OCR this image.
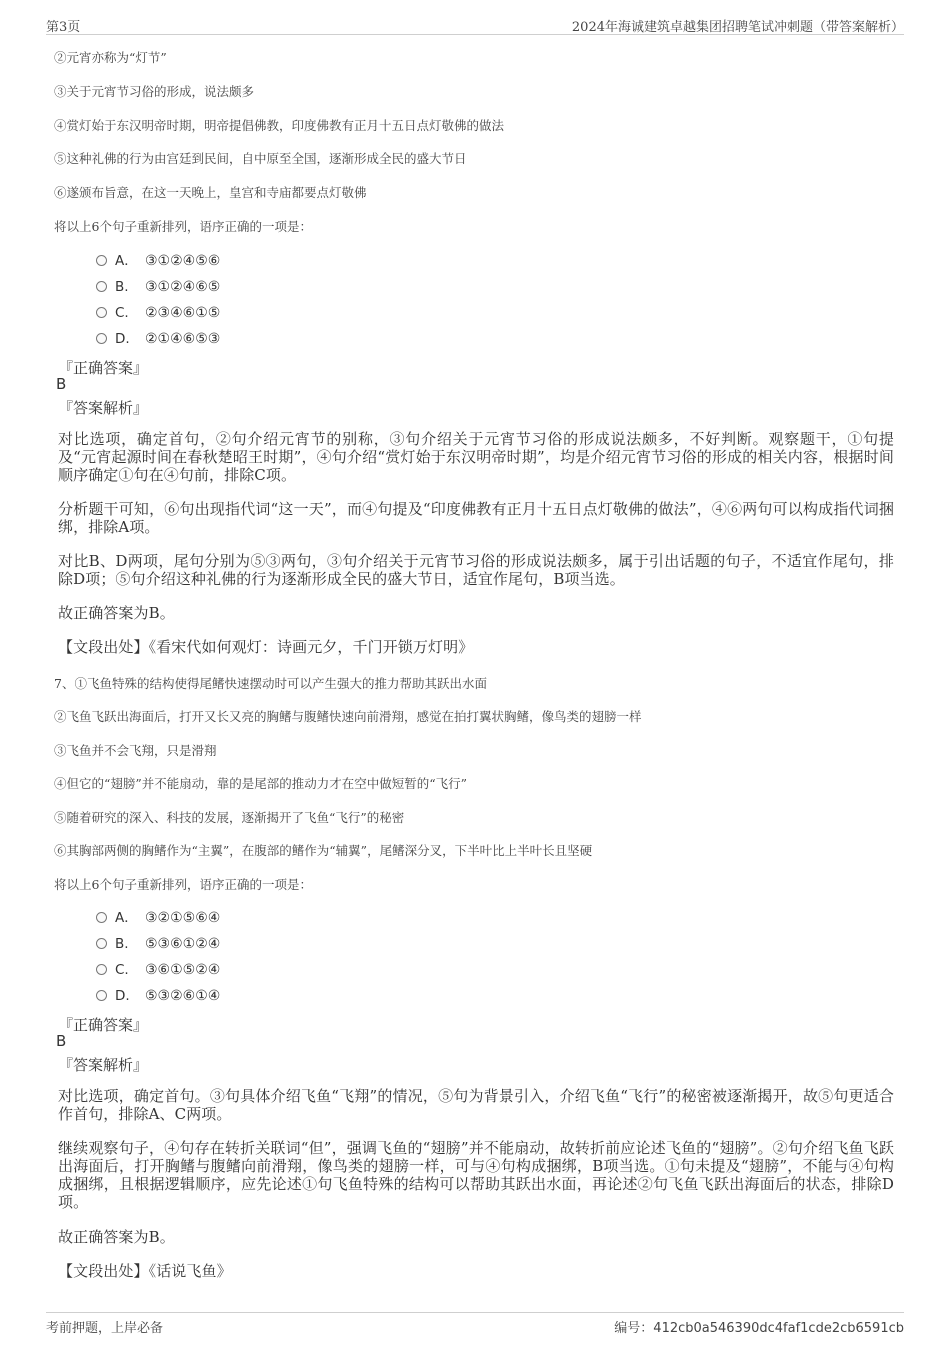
第3页	2024年海诚建筑卓越集团招聘笔试冲刺题（带答案解析）
②元宵亦称为“灯节”
③关于元宵节习俗的形成，说法颇多
④赏灯始于东汉明帝时期，明帝提倡佛教，印度佛教有正月十五日点灯敬佛的做法
⑤这种礼佛的行为由宫廷到民间，自中原至全国，逐渐形成全民的盛大节日
⑥遂颁布旨意，在这一天晚上，皇宫和寺庙都要点灯敬佛
将以上6个句子重新排列，语序正确的一项是：
A． ③①②④⑤⑥
B. ③①②④⑥⑤
C. ②③④⑥①⑤
D. ②①④⑥⑤③
『正确答案』
B
『答案解析』
对比选项，确定首句，②句介绍元宵节的别称，③句介绍关于元宵节习俗的形成说法颇多，不好判断。观察题干，①句提及“元宵起源时间在春秋楚昭王时期”，④句介绍“赏灯始于东汉明帝时期”，均是介绍元宵节习俗的形成的相关内容，根据时间顺序确定①句在④句前，排除C项。
分析题干可知，⑥句出现指代词“这一天”，而④句提及“印度佛教有正月十五日点灯敬佛的做法”，④⑥两句可以构成指代词捆绑，排除A项。
对比B、D两项，尾句分别为⑤③两句，③句介绍关于元宵节习俗的形成说法颇多，属于引出话题的句子，不适宜作尾句，排除D项；⑤句介绍这种礼佛的行为逐渐形成全民的盛大节日，适宜作尾句，B项当选。
故正确答案为B。
【文段出处】《看宋代如何观灯：诗画元夕，千门开锁万灯明》
7、①飞鱼特殊的结构使得尾鳍快速摆动时可以产生强大的推力帮助其跃出水面
②飞鱼飞跃出海面后，打开又长又亮的胸鳍与腹鳍快速向前滑翔，感觉在拍打翼状胸鳍，像鸟类的翅膀一样
③飞鱼并不会飞翔，只是滑翔
④但它的“翅膀”并不能扇动，靠的是尾部的推动力才在空中做短暂的“飞行”
⑤随着研究的深入、科技的发展，逐渐揭开了飞鱼“飞行”的秘密
⑥其胸部两侧的胸鳍作为“主翼”，在腹部的鳍作为“辅翼”，尾鳍深分叉，下半叶比上半叶长且坚硬
将以上6个句子重新排列，语序正确的一项是：
A． ③②①⑤⑥④
B. ⑤③⑥①②④
C. ③⑥①⑤②④
D. ⑤③②⑥①④
『正确答案』
B
『答案解析』
对比选项，确定首句。③句具体介绍飞鱼“飞翔”的情况，⑤句为背景引入，介绍飞鱼“飞行”的秘密被逐渐揭开，故⑤句更适合作首句，排除A、C两项。
继续观察句子，④句存在转折关联词“但”，强调飞鱼的“翅膀”并不能扇动，故转折前应论述飞鱼的“翅膀”。②句介绍飞鱼飞跃出海面后，打开胸鳍与腹鳍向前滑翔，像鸟类的翅膀一样，可与④句构成捆绑，B项当选。①句未提及“翅膀”，不能与④句构成捆绑，且根据逻辑顺序，应先论述①句飞鱼特殊的结构可以帮助其跃出水面，再论述②句飞鱼飞跃出海面后的状态，排除D项。
故正确答案为B。
【文段出处】《话说飞鱼》
考前押题，上岸必备	编号：412cb0a546390dc4faf1cde2cb6591cb
